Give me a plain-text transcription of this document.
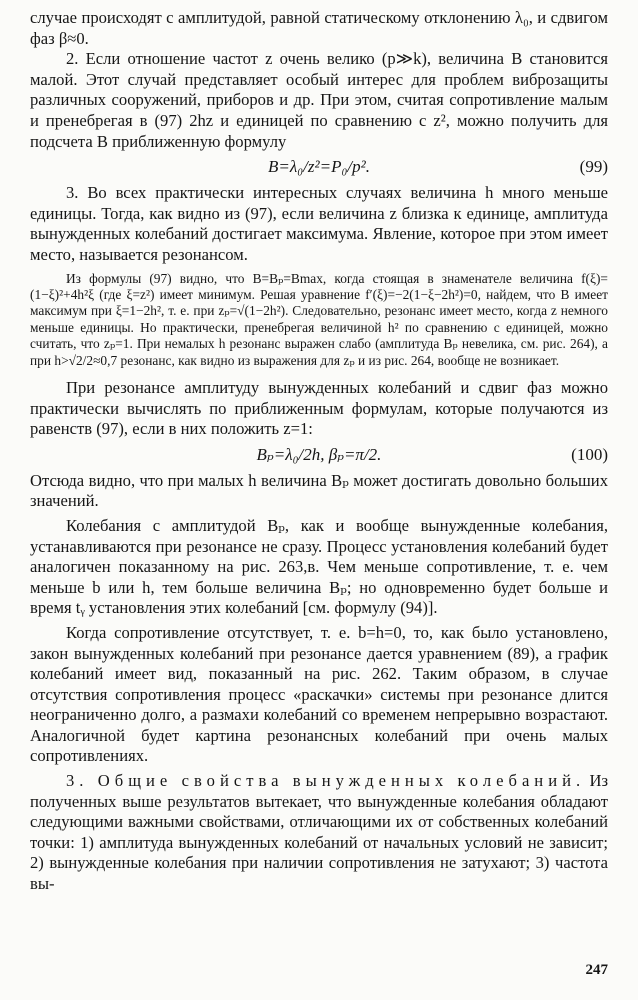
случае происходят с амплитудой, равной статическому отклонению λ₀, и сдвигом фаз β≈0.

2. Если отношение частот z очень велико (p≫k), величина B становится малой. Этот случай представляет особый интерес для проблем виброзащиты различных сооружений, приборов и др. При этом, считая сопротивление малым и пренебрегая в (97) 2hz и единицей по сравнению с z², можно получить для подсчета B приближенную формулу

B=λ₀/z²=P₀/p².	(99)

3. Во всех практически интересных случаях величина h много меньше единицы. Тогда, как видно из (97), если величина z близка к единице, амплитуда вынужденных колебаний достигает максимума. Явление, которое при этом имеет место, называется резонансом.

Из формулы (97) видно, что B=Bₚ=Bmax, когда стоящая в знаменателе величина f(ξ)=(1−ξ)²+4h²ξ (где ξ=z²) имеет минимум. Решая уравнение f′(ξ)=−2(1−ξ−2h²)=0, найдем, что B имеет максимум при ξ=1−2h², т. е. при zₚ=√(1−2h²). Следовательно, резонанс имеет место, когда z немного меньше единицы. Но практически, пренебрегая величиной h² по сравнению с единицей, можно считать, что zₚ=1. При немалых h резонанс выражен слабо (амплитуда Bₚ невелика, см. рис. 264), а при h>√2/2≈0,7 резонанс, как видно из выражения для zₚ и из рис. 264, вообще не возникает.

При резонансе амплитуду вынужденных колебаний и сдвиг фаз можно практически вычислять по приближенным формулам, которые получаются из равенств (97), если в них положить z=1:

Bₚ=λ₀/2h, βₚ=π/2.	(100)

Отсюда видно, что при малых h величина Bₚ может достигать довольно больших значений.

Колебания с амплитудой Bₚ, как и вообще вынужденные колебания, устанавливаются при резонансе не сразу. Процесс установления колебаний будет аналогичен показанному на рис. 263,в. Чем меньше сопротивление, т. е. чем меньше b или h, тем больше величина Bₚ; но одновременно будет больше и время tᵧ установления этих колебаний [см. формулу (94)].

Когда сопротивление отсутствует, т. е. b=h=0, то, как было установлено, закон вынужденных колебаний при резонансе дается уравнением (89), а график колебаний имеет вид, показанный на рис. 262. Таким образом, в случае отсутствия сопротивления процесс «раскачки» системы при резонансе длится неограниченно долго, а размахи колебаний со временем непрерывно возрастают. Аналогичной будет картина резонансных колебаний при очень малых сопротивлениях.

3. Общие свойства вынужденных колебаний. Из полученных выше результатов вытекает, что вынужденные колебания обладают следующими важными свойствами, отличающими их от собственных колебаний точки: 1) амплитуда вынужденных колебаний от начальных условий не зависит; 2) вынужденные колебания при наличии сопротивления не затухают; 3) частота вы-

247
